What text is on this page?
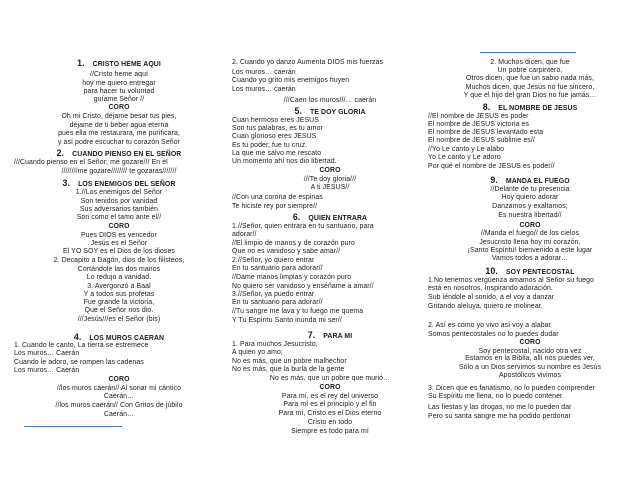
1. CRISTO HEME AQUI
//Cristo heme aquí
hoy me quiero entregar
para hacer tu voluntad
guíame Señor //
CORO
Oh mi Cristo, déjame besar tus pies,
déjame de ti beber agua eterna
pues ella me restaurara, me purificara,
y así podre escuchar tu corazón Señor
2. CUANDO PIENSO EN EL SEÑOR
///Cuando pienso en el Señor; me gozare/// En él
////////me gozare//////// te gozaras///////
3. LOS ENEMIGOS DEL SEÑOR
1.//Los enemigos del Señor
Son tenidos por vanidad
Sus adversarios también
Son como el tamo ante el//
CORO
Pues DIOS es vencedor
Jesús es el Señor
El YO SOY es el Dios de los dioses
2. Decapito a Dagón, dios de los filisteos,
Cortándole las dos manos
Lo redujo a vanidad.
3. Avergonzó a Baal
Y a todos sus profetas
Fue grande la victoria,
Que el Señor nos dio.
///Jesús///es el Señor (bis)
4. LOS MUROS CAERAN
1. Cuando le canto, La tierra se estremece
Los muros… Caerán
Cuando le adoro, se rompen las cadenas
Los muros… Caerán
CORO
//los muros caerán// Al sonar mi cántico
Caerán…
//los muros caerán// Con Gritos de júbilo
Caerán…
2. Cuando yo danzo Aumenta DIOS mis fuerzas
Los muros… caerán
Cuando yo grito mis enemigos huyen
Los muros… caerán
///Caen los muros///… caerán
5. TE DOY GLORIA
Cuan hermoso eres JESUS
Son tus palabras, es tu amor
Cuan glorioso eres JESUS
Es tu poder, fue tu cruz.
La que me salvo me rescato
Un momento ahí nos dio libertad.
CORO
///Te doy gloria///
A ti JESUS//
//Con una corona de espinas
Te hiciste rey por siempre//
6. QUIEN ENTRARA
1.//Señor, quien entrara en tu santuario, para
adorar//
//El limpio de manos y de corazón puro
Que no es vanidoso y sabe amar//
2.//Señor, yo quiero entrar
En tu santuario para adorar//
//Dame manos limpias y corazón puro
No quiero ser vanidoso y enséñame a amar//
3.//Señor, ya puedo entrar
En tu santuario para adorar//
//Tu sangre me lava y tu fuego me quema
Y Tu Espíritu Santo inunda mi ser//
7. PARA MI
1. Para muchos Jesucristo,
A quien yo amo;
No es más, que un pobre malhechor
No es más, que la burla de la gente
No es más, que un pobre que murió…
CORO
Para mí, es el rey del universo
Para mí es el principio y el fin
Para mí, Cristo es el Dios eterno
Cristo en todo
Siempre es todo para mí
2. Muchos dicen, que fue
Un pobre carpintero,
Otros dicen, que fue un sabio nada más,
Muchos dicen, que Jesús no fue sincero,
Y que el hijo del gran Dios no fue jamás…
8. EL NOMBRE DE JESUS
//El nombre de JESUS es poder
El nombre de JESUS victoria es
El nombre de JESUS levantado esta
El nombre de JESUS sublime es//
//Yo Le canto y Le alabo
Yo Le canto y Le adoro
Por qué el nombre de JESUS es poder//
9. MANDA EL FUEGO
//Delante de tu presencia
Hoy quiero adorar
Danzamos y exaltamos;
Es nuestra libertad//
CORO
//Manda el fuego// de los cielos
Jesucristo llena hoy mi corazón,
¡Santo Espíritu! bienvenido a este lugar
Vamos todos a adorar…
10. SOY PENTECOSTAL
1.No tenemos vergüenza amamos al Señor su fuego
está en nosotros, Inspirando adoración.
Sub iéndole al sonido, a el voy a danzar
Gritando aleluya, quiero re molinear.
2. Así es como yo vivo así voy a alabar
Somos pentecostales no lo puedes dudar
CORO
Soy pentecostal, nacido otra vez
Estamos en la Biblia, allí nos puedes ver,
Sólo a un Dios servimos su nombre es Jesús
Apostólicos vivimos
3. Dicen que es fanatismo, no lo pueden comprender
Su Espíritu me llena, no lo puedo contener.
Las fiestas y las drogas, no me lo pueden dar
Pero su santa sangre me ha podido perdonar
